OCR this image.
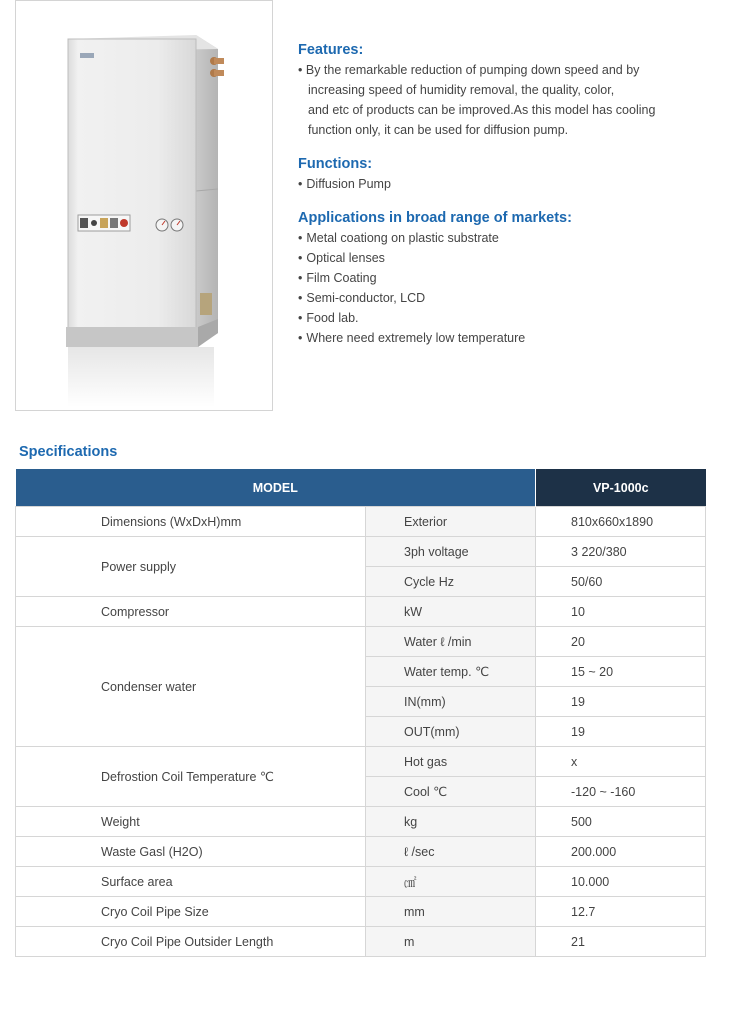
Features:
• By the remarkable reduction of pumping down speed and by
increasing speed of humidity removal, the quality, color,
and etc of products can be improved.As this model has cooling
function only, it can be used for diffusion pump.
Functions:
• Diffusion Pump
Applications in broad range of markets:
• Metal coationg on plastic substrate
• Optical lenses
• Film Coating
• Semi-conductor, LCD
• Food lab.
• Where need extremely low temperature
Specifications
MODEL		VP-1000c
Dimensions (WxDxH)mm	Exterior	810x660x1890
Power supply	3ph voltage	3 220/380
	Cycle Hz	50/60
Compressor	kW	10
Condenser water	Water ℓ /min	20
	Water temp. ℃	15 ~ 20
	IN(mm)	19
	OUT(mm)	19
Defrostion Coil Temperature ℃	Hot gas	x
	Cool ℃	-120 ~ -160
Weight	kg	500
Waste Gasl (H2O)	ℓ /sec	200.000
Surface area	㎠	10.000
Cryo Coil Pipe Size	mm	12.7
Cryo Coil Pipe Outsider Length	m	21
